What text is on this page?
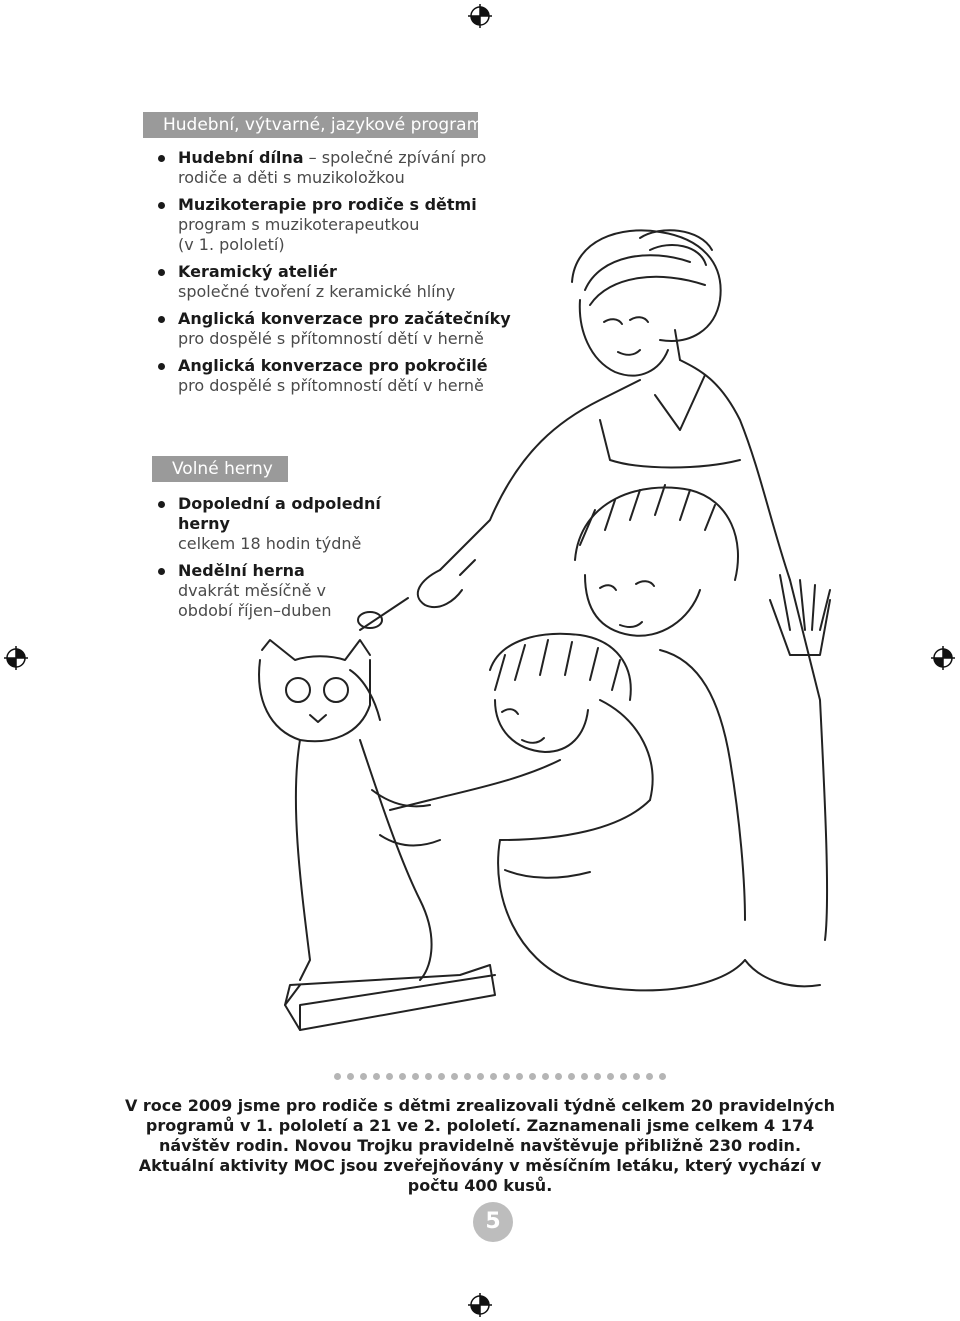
Hudební, výtvarné, jazykové programy
Hudební dílna – společné zpívání pro rodiče a děti s muzikoložkou
Muzikoterapie pro rodiče s dětmi
program s muzikoterapeutkou (v 1. pololetí)
Keramický ateliér
společné tvoření z keramické hlíny
Anglická konverzace pro začátečníky
pro dospělé s přítomností dětí v herně
Anglická konverzace pro pokročilé
pro dospělé s přítomností dětí v herně
Volné herny
Dopolední a odpolední herny
celkem 18 hodin týdně
Nedělní herna
dvakrát měsíčně v období říjen–duben
V roce 2009 jsme pro rodiče s dětmi zrealizovali týdně celkem 20 pravidelných programů v 1. pololetí a 21 ve 2. pololetí. Zaznamenali jsme celkem 4 174 návštěv rodin. Novou Trojku pravidelně navštěvuje přibližně 230 rodin. Aktuální aktivity MOC jsou zveřejňovány v měsíčním letáku, který vychází v počtu 400 kusů.
5
